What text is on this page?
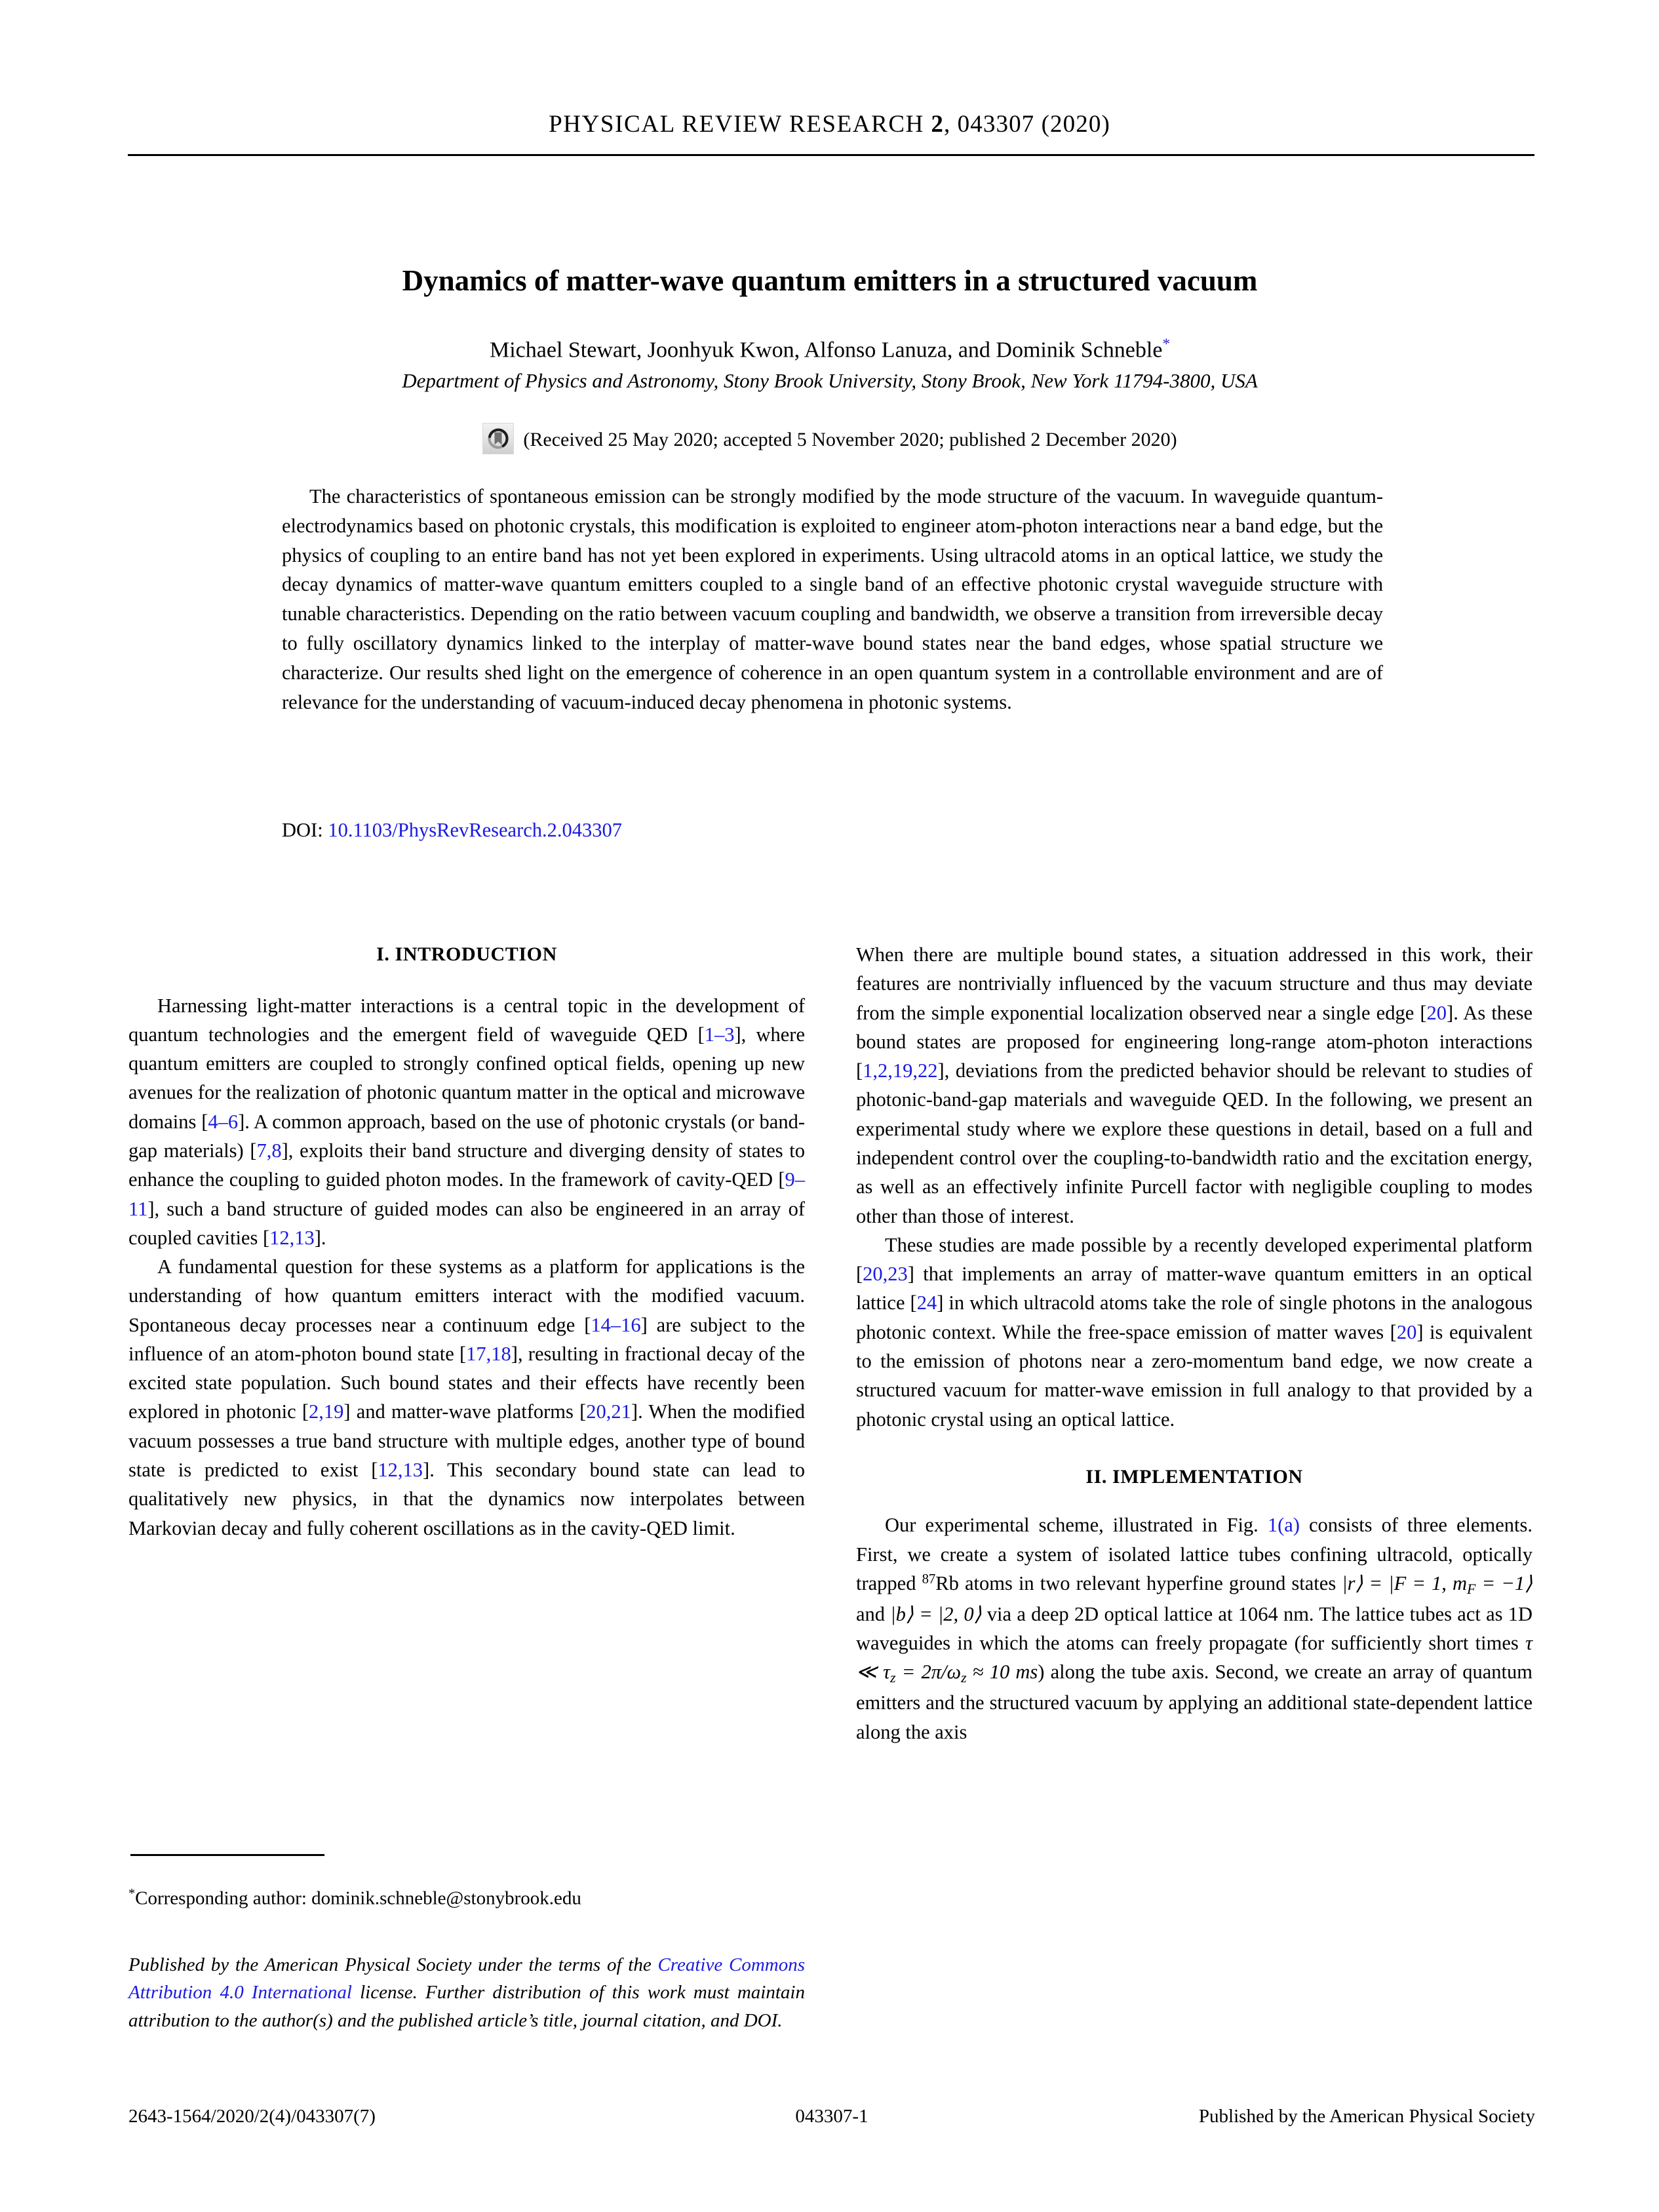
PHYSICAL REVIEW RESEARCH 2, 043307 (2020)
Dynamics of matter-wave quantum emitters in a structured vacuum
Michael Stewart, Joonhyuk Kwon, Alfonso Lanuza, and Dominik Schneble*
Department of Physics and Astronomy, Stony Brook University, Stony Brook, New York 11794-3800, USA
(Received 25 May 2020; accepted 5 November 2020; published 2 December 2020)
The characteristics of spontaneous emission can be strongly modified by the mode structure of the vacuum. In waveguide quantum-electrodynamics based on photonic crystals, this modification is exploited to engineer atom-photon interactions near a band edge, but the physics of coupling to an entire band has not yet been explored in experiments. Using ultracold atoms in an optical lattice, we study the decay dynamics of matter-wave quantum emitters coupled to a single band of an effective photonic crystal waveguide structure with tunable characteristics. Depending on the ratio between vacuum coupling and bandwidth, we observe a transition from irreversible decay to fully oscillatory dynamics linked to the interplay of matter-wave bound states near the band edges, whose spatial structure we characterize. Our results shed light on the emergence of coherence in an open quantum system in a controllable environment and are of relevance for the understanding of vacuum-induced decay phenomena in photonic systems.
DOI: 10.1103/PhysRevResearch.2.043307
I. INTRODUCTION

Harnessing light-matter interactions is a central topic in the development of quantum technologies and the emergent field of waveguide QED [1–3], where quantum emitters are coupled to strongly confined optical fields, opening up new avenues for the realization of photonic quantum matter in the optical and microwave domains [4–6]. A common approach, based on the use of photonic crystals (or band-gap materials) [7,8], exploits their band structure and diverging density of states to enhance the coupling to guided photon modes. In the framework of cavity-QED [9–11], such a band structure of guided modes can also be engineered in an array of coupled cavities [12,13].

A fundamental question for these systems as a platform for applications is the understanding of how quantum emitters interact with the modified vacuum. Spontaneous decay processes near a continuum edge [14–16] are subject to the influence of an atom-photon bound state [17,18], resulting in fractional decay of the excited state population. Such bound states and their effects have recently been explored in photonic [2,19] and matter-wave platforms [20,21]. When the modified vacuum possesses a true band structure with multiple edges, another type of bound state is predicted to exist [12,13]. This secondary bound state can lead to qualitatively new physics, in that the dynamics now interpolates between Markovian decay and fully coherent oscillations as in the cavity-QED limit.

When there are multiple bound states, a situation addressed in this work, their features are nontrivially influenced by the vacuum structure and thus may deviate from the simple exponential localization observed near a single edge [20]. As these bound states are proposed for engineering long-range atom-photon interactions [1,2,19,22], deviations from the predicted behavior should be relevant to studies of photonic-band-gap materials and waveguide QED. In the following, we present an experimental study where we explore these questions in detail, based on a full and independent control over the coupling-to-bandwidth ratio and the excitation energy, as well as an effectively infinite Purcell factor with negligible coupling to modes other than those of interest.

These studies are made possible by a recently developed experimental platform [20,23] that implements an array of matter-wave quantum emitters in an optical lattice [24] in which ultracold atoms take the role of single photons in the analogous photonic context. While the free-space emission of matter waves [20] is equivalent to the emission of photons near a zero-momentum band edge, we now create a structured vacuum for matter-wave emission in full analogy to that provided by a photonic crystal using an optical lattice.

II. IMPLEMENTATION

Our experimental scheme, illustrated in Fig. 1(a) consists of three elements. First, we create a system of isolated lattice tubes confining ultracold, optically trapped $^{87}$Rb atoms in two relevant hyperfine ground states |r⟩ = |F = 1, $m_F$ = −1⟩ and |b⟩ = |2, 0⟩ via a deep 2D optical lattice at 1064 nm. The lattice tubes act as 1D waveguides in which the atoms can freely propagate (for sufficiently short times τ ≪ $\tau_z = 2\pi/\omega_z \approx 10$ ms) along the tube axis. Second, we create an array of quantum emitters and the structured vacuum by applying an additional state-dependent lattice along the axis

*Corresponding author: dominik.schneble@stonybrook.edu
Published by the American Physical Society under the terms of the Creative Commons Attribution 4.0 International license. Further distribution of this work must maintain attribution to the author(s) and the published article’s title, journal citation, and DOI.
2643-1564/2020/2(4)/043307(7)	043307-1	Published by the American Physical Society
